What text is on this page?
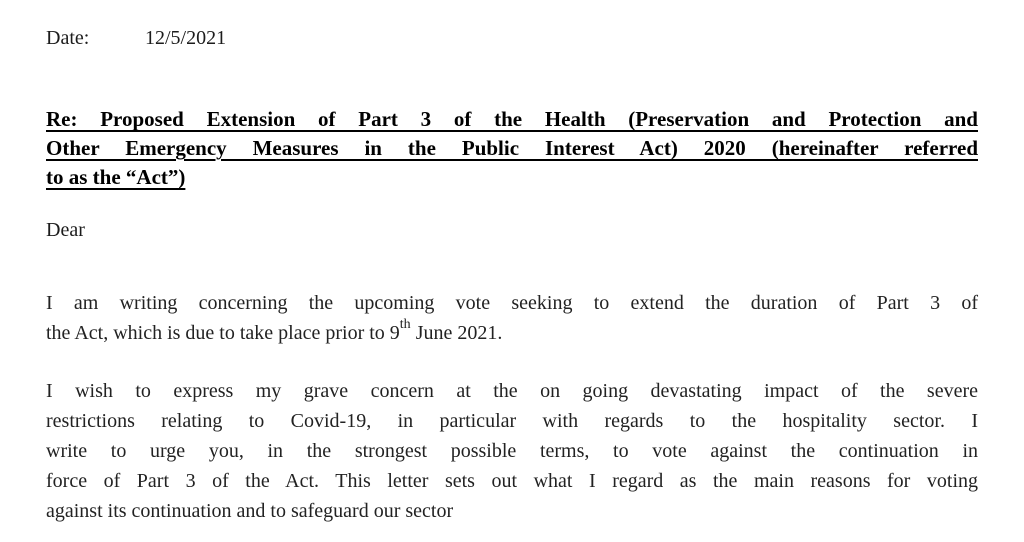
Date:	12/5/2021
Re: Proposed Extension of Part 3 of the Health (Preservation and Protection and
Other Emergency Measures in the Public Interest Act) 2020 (hereinafter referred
to as the “Act”)
Dear
I am writing concerning the upcoming vote seeking to extend the duration of Part 3 of
the Act, which is due to take place prior to 9th June 2021.
I wish to express my grave concern at the on going devastating impact of the severe
restrictions relating to Covid-19, in particular with regards to the hospitality sector. I
write to urge you, in the strongest possible terms, to vote against the continuation in
force of Part 3 of the Act. This letter sets out what I regard as the main reasons for voting
against its continuation and to safeguard our sector
